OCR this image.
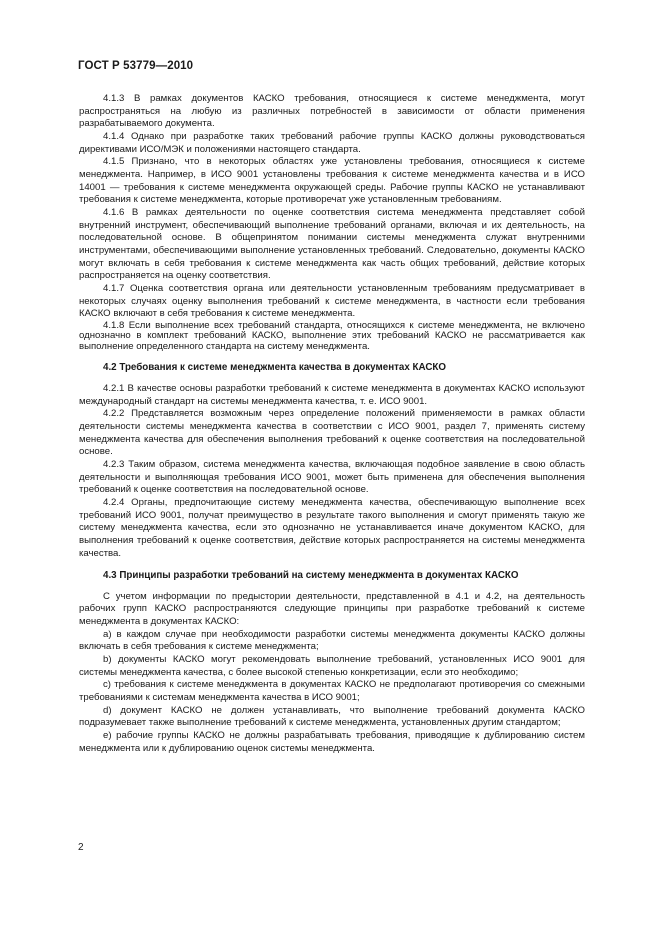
ГОСТ Р 53779—2010

4.1.3 В рамках документов КАСКО требования, относящиеся к системе менеджмента, могут распространяться на любую из различных потребностей в зависимости от области применения разрабатываемого документа.

4.1.4 Однако при разработке таких требований рабочие группы КАСКО должны руководствоваться директивами ИСО/МЭК и положениями настоящего стандарта.

4.1.5 Признано, что в некоторых областях уже установлены требования, относящиеся к системе менеджмента. Например, в ИСО 9001 установлены требования к системе менеджмента качества и в ИСО 14001 — требования к системе менеджмента окружающей среды. Рабочие группы КАСКО не устанавливают требования к системе менеджмента, которые противоречат уже установленным требованиям.

4.1.6 В рамках деятельности по оценке соответствия система менеджмента представляет собой внутренний инструмент, обеспечивающий выполнение требований органами, включая и их деятельность, на последовательной основе. В общепринятом понимании системы менеджмента служат внутренними инструментами, обеспечивающими выполнение установленных требований. Следовательно, документы КАСКО могут включать в себя требования к системе менеджмента как часть общих требований, действие которых распространяется на оценку соответствия.

4.1.7 Оценка соответствия органа или деятельности установленным требованиям предусматривает в некоторых случаях оценку выполнения требований к системе менеджмента, в частности если требования КАСКО включают в себя требования к системе менеджмента.

4.1.8 Если выполнение всех требований стандарта, относящихся к системе менеджмента, не включено однозначно в комплект требований КАСКО, выполнение этих требований КАСКО не рассматривается как выполнение определенного стандарта на систему менеджмента.

4.2 Требования к системе менеджмента качества в документах КАСКО

4.2.1 В качестве основы разработки требований к системе менеджмента в документах КАСКО используют международный стандарт на системы менеджмента качества, т. е. ИСО 9001.

4.2.2 Представляется возможным через определение положений применяемости в рамках области деятельности системы менеджмента качества в соответствии с ИСО 9001, раздел 7, применять систему менеджмента качества для обеспечения выполнения требований к оценке соответствия на последовательной основе.

4.2.3 Таким образом, система менеджмента качества, включающая подобное заявление в свою область деятельности и выполняющая требования ИСО 9001, может быть применена для обеспечения выполнения требований к оценке соответствия на последовательной основе.

4.2.4 Органы, предпочитающие систему менеджмента качества, обеспечивающую выполнение всех требований ИСО 9001, получат преимущество в результате такого выполнения и смогут применять такую же систему менеджмента качества, если это однозначно не устанавливается иначе документом КАСКО, для выполнения требований к оценке соответствия, действие которых распространяется на системы менеджмента качества.

4.3 Принципы разработки требований на систему менеджмента в документах КАСКО

С учетом информации по предыстории деятельности, представленной в 4.1 и 4.2, на деятельность рабочих групп КАСКО распространяются следующие принципы при разработке требований к системе менеджмента в документах КАСКО:

a) в каждом случае при необходимости разработки системы менеджмента документы КАСКО должны включать в себя требования к системе менеджмента;

b) документы КАСКО могут рекомендовать выполнение требований, установленных ИСО 9001 для системы менеджмента качества, с более высокой степенью конкретизации, если это необходимо;

c) требования к системе менеджмента в документах КАСКО не предполагают противоречия со смежными требованиями к системам менеджмента качества в ИСО 9001;

d) документ КАСКО не должен устанавливать, что выполнение требований документа КАСКО подразумевает также выполнение требований к системе менеджмента, установленных другим стандартом;

e) рабочие группы КАСКО не должны разрабатывать требования, приводящие к дублированию систем менеджмента или к дублированию оценок системы менеджмента.

2
